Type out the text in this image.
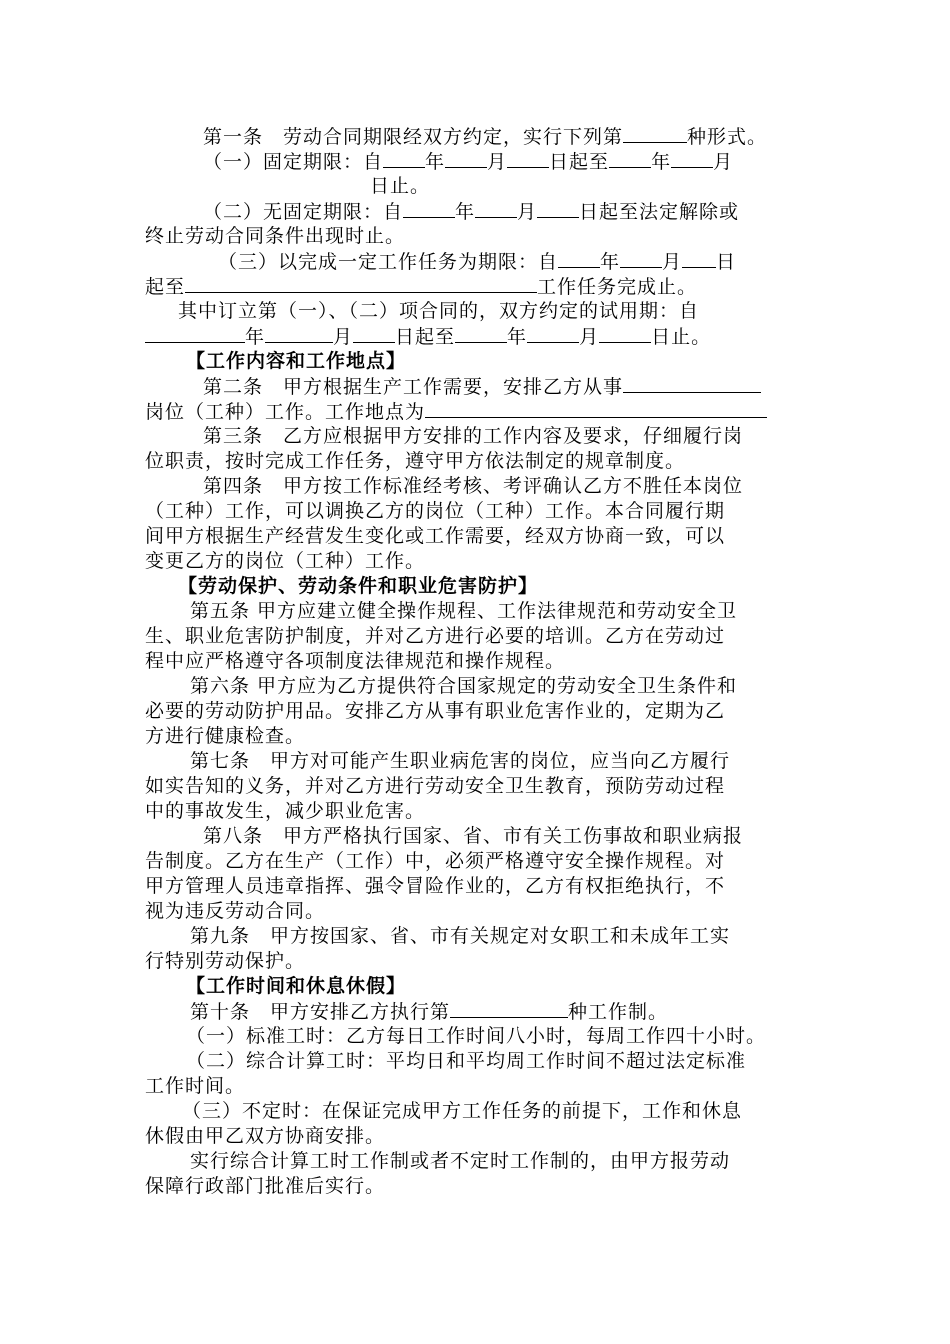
第一条　劳动合同期限经双方约定，实行下列第	种形式。
（一）固定期限：自 年 月 日起至 年 月
日止。
（二）无固定期限：自	年 月 日起至法定解除或
终止劳动合同条件出现时止。
（三）以完成一定工作任务为期限：自 年 月 日
起至	工作任务完成止。
其中订立第（一）、（二）项合同的，双方约定的试用期：自
年	月 日起至	年	月	日止。
【工作内容和工作地点】
第二条　甲方根据生产工作需要，安排乙方从事
岗位（工种）工作。工作地点为
第三条　乙方应根据甲方安排的工作内容及要求，仔细履行岗
位职责，按时完成工作任务，遵守甲方依法制定的规章制度。
第四条　甲方按工作标准经考核、考评确认乙方不胜任本岗位
（工种）工作，可以调换乙方的岗位（工种）工作。本合同履行期
间甲方根据生产经营发生变化或工作需要，经双方协商一致，可以
变更乙方的岗位（工种）工作。
【劳动保护、劳动条件和职业危害防护】
第五条 甲方应建立健全操作规程、工作法律规范和劳动安全卫
生、职业危害防护制度，并对乙方进行必要的培训。乙方在劳动过
程中应严格遵守各项制度法律规范和操作规程。
第六条 甲方应为乙方提供符合国家规定的劳动安全卫生条件和
必要的劳动防护用品。安排乙方从事有职业危害作业的，定期为乙
方进行健康检查。
第七条　甲方对可能产生职业病危害的岗位，应当向乙方履行
如实告知的义务，并对乙方进行劳动安全卫生教育，预防劳动过程
中的事故发生，减少职业危害。
第八条　甲方严格执行国家、省、市有关工伤事故和职业病报
告制度。乙方在生产（工作）中，必须严格遵守安全操作规程。对
甲方管理人员违章指挥、强令冒险作业的，乙方有权拒绝执行，不
视为违反劳动合同。
第九条　甲方按国家、省、市有关规定对女职工和未成年工实
行特别劳动保护。
【工作时间和休息休假】
第十条　甲方安排乙方执行第	种工作制。
（一）标准工时：乙方每日工作时间八小时，每周工作四十小时。
（二）综合计算工时：平均日和平均周工作时间不超过法定标准
工作时间。
（三）不定时：在保证完成甲方工作任务的前提下，工作和休息
休假由甲乙双方协商安排。
实行综合计算工时工作制或者不定时工作制的，由甲方报劳动
保障行政部门批准后实行。
